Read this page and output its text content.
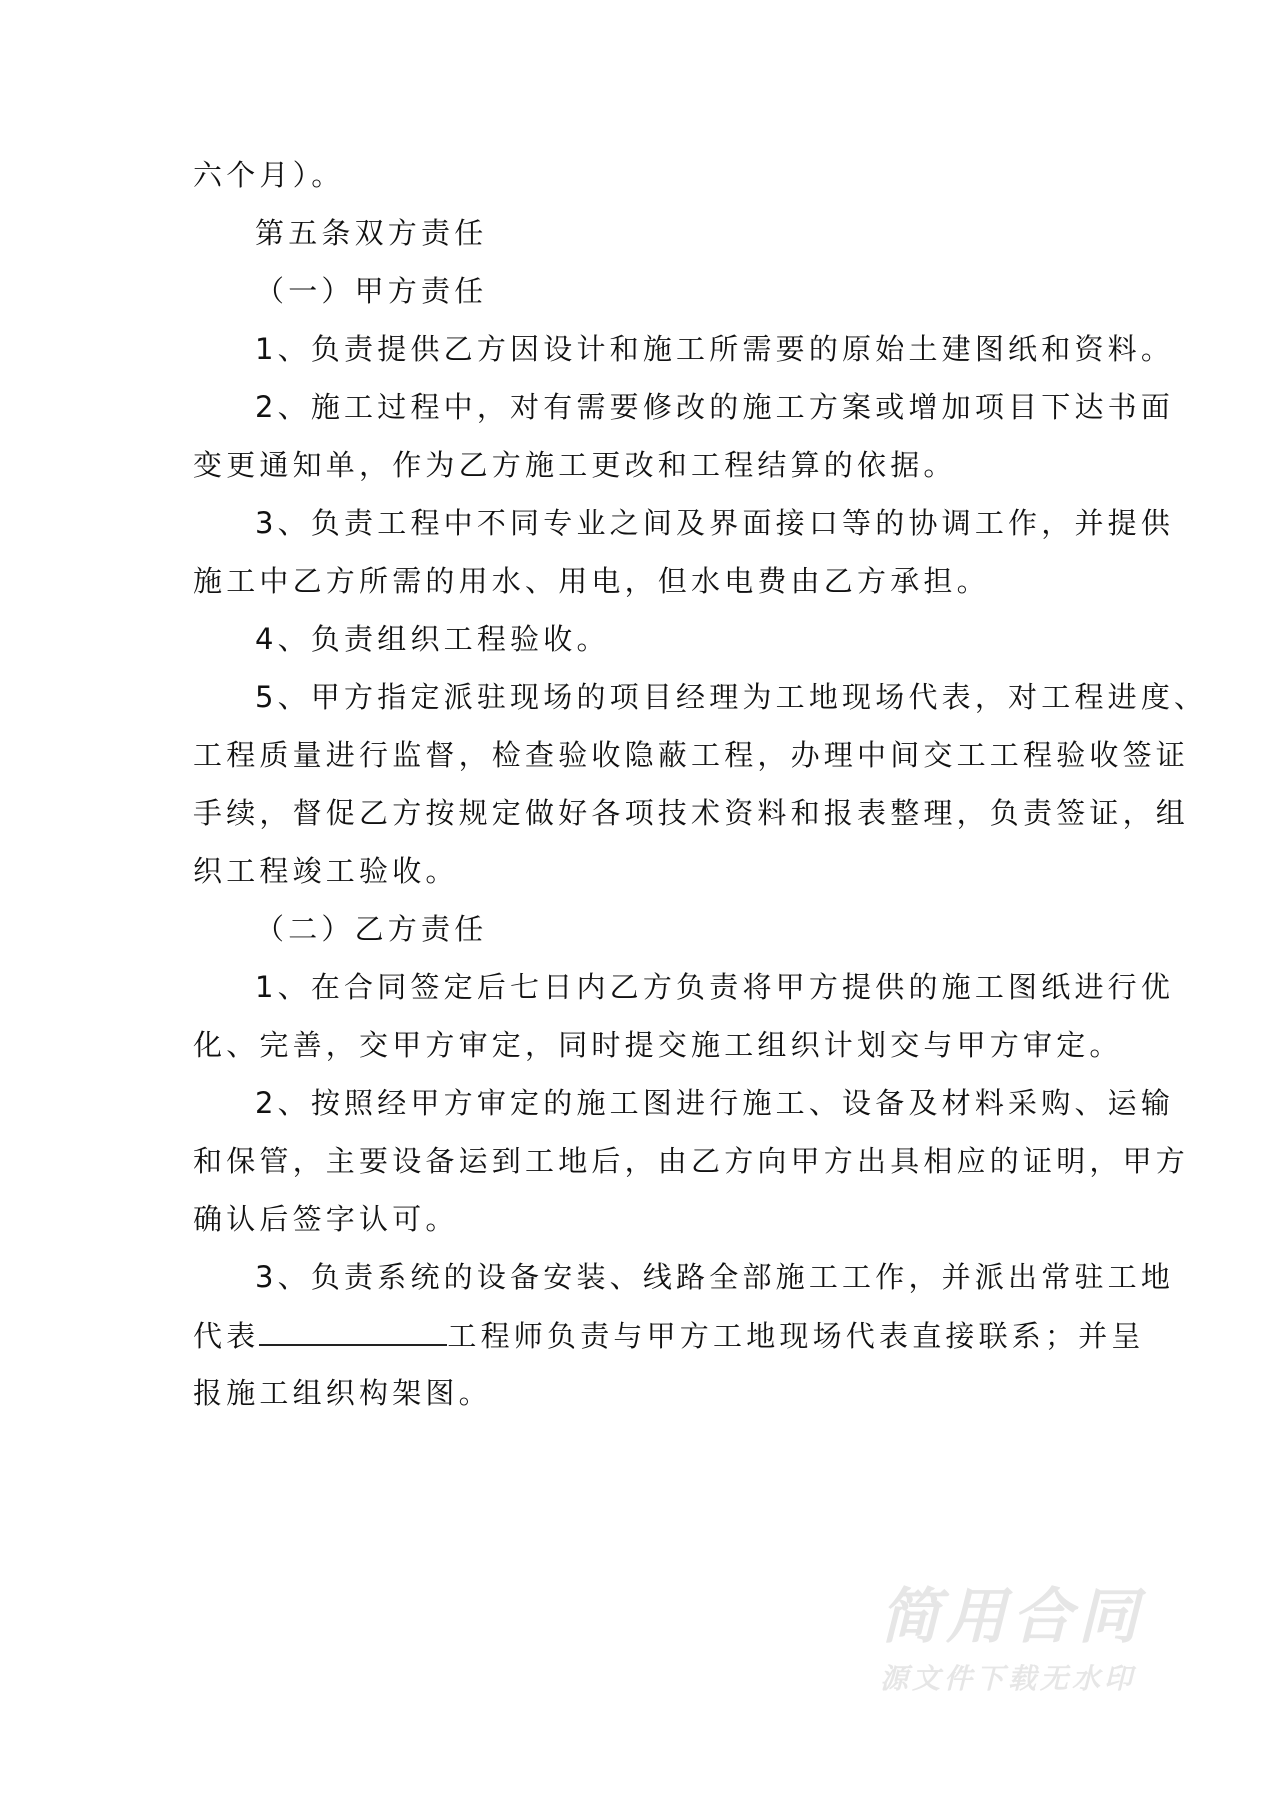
六个月）。
第五条双方责任
（一）甲方责任
1、负责提供乙方因设计和施工所需要的原始土建图纸和资料。
2、施工过程中，对有需要修改的施工方案或增加项目下达书面
变更通知单，作为乙方施工更改和工程结算的依据。
3、负责工程中不同专业之间及界面接口等的协调工作，并提供
施工中乙方所需的用水、用电，但水电费由乙方承担。
4、负责组织工程验收。
5、甲方指定派驻现场的项目经理为工地现场代表，对工程进度、
工程质量进行监督，检查验收隐蔽工程，办理中间交工工程验收签证
手续，督促乙方按规定做好各项技术资料和报表整理，负责签证，组
织工程竣工验收。
（二）乙方责任
1、在合同签定后七日内乙方负责将甲方提供的施工图纸进行优
化、完善，交甲方审定，同时提交施工组织计划交与甲方审定。
2、按照经甲方审定的施工图进行施工、设备及材料采购、运输
和保管，主要设备运到工地后，由乙方向甲方出具相应的证明，甲方
确认后签字认可。
3、负责系统的设备安装、线路全部施工工作，并派出常驻工地
代表	工程师负责与甲方工地现场代表直接联系；并呈
报施工组织构架图。
简用合同
源文件下载无水印
